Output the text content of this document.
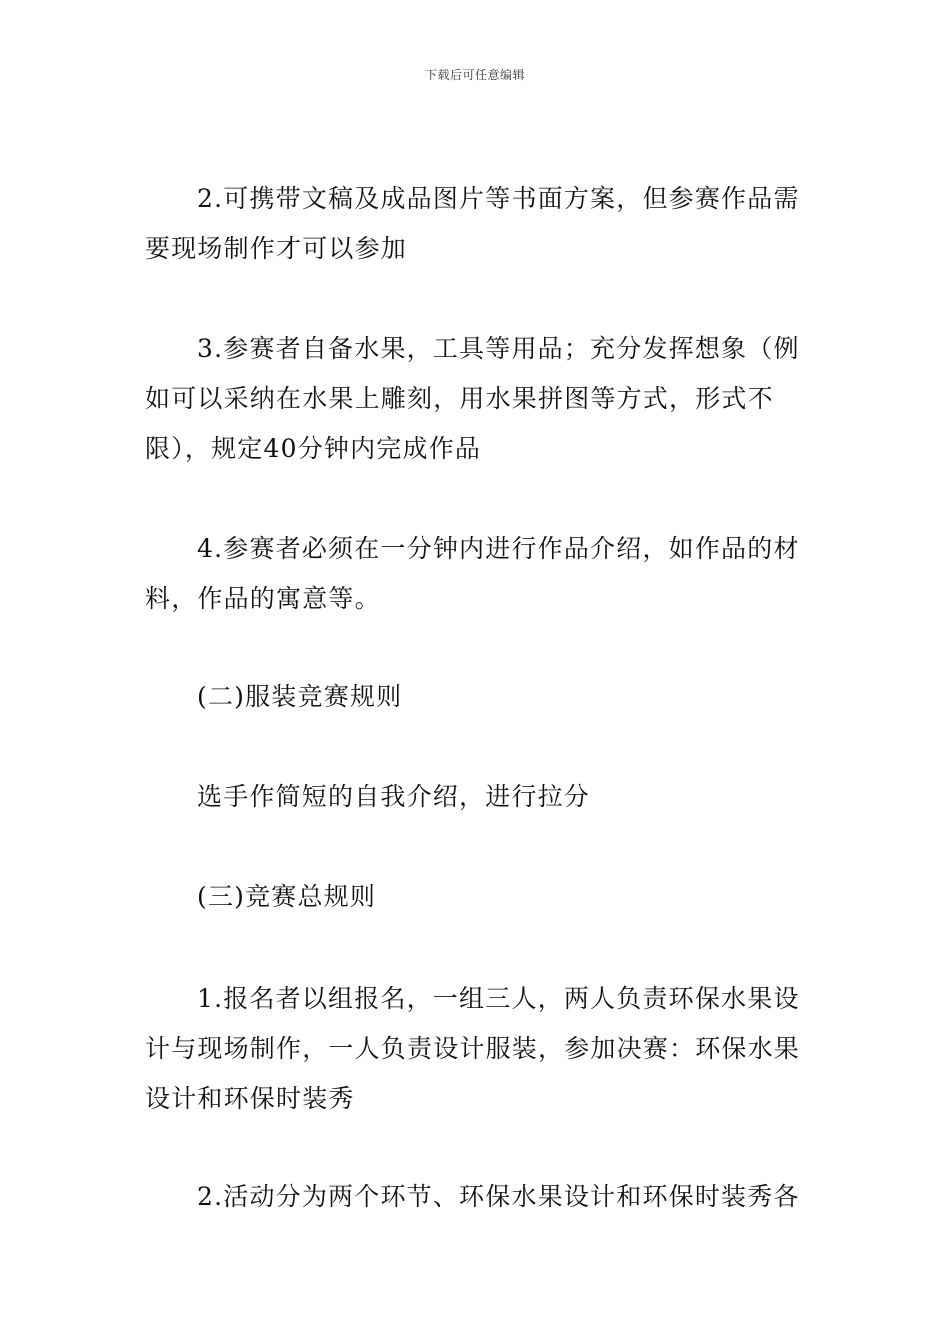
下载后可任意编辑
2.可携带文稿及成品图片等书面方案，但参赛作品需
要现场制作才可以参加
3.参赛者自备水果，工具等用品；充分发挥想象（例
如可以采纳在水果上雕刻，用水果拼图等方式，形式不
限），规定40分钟内完成作品
4.参赛者必须在一分钟内进行作品介绍，如作品的材
料，作品的寓意等。
(二)服装竞赛规则
选手作简短的自我介绍，进行拉分
(三)竞赛总规则
1.报名者以组报名，一组三人，两人负责环保水果设
计与现场制作，一人负责设计服装，参加决赛：环保水果
设计和环保时装秀
2.活动分为两个环节、环保水果设计和环保时装秀各
